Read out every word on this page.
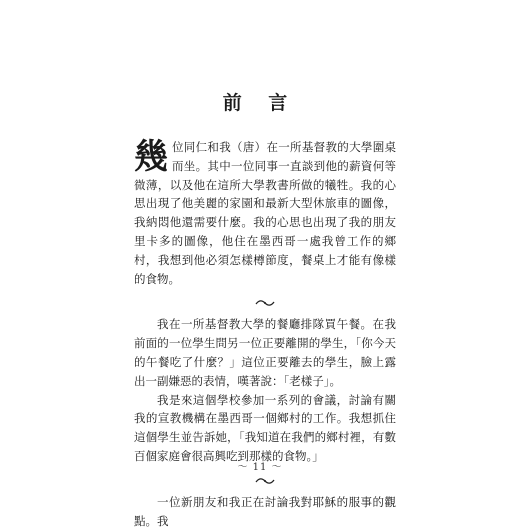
前 言

幾位同仁和我（唐）在一所基督教的大學圍桌而坐。其中一位同事一直談到他的薪資何等微薄，以及他在這所大學教書所做的犧牲。我的心思出現了他美麗的家園和最新大型休旅車的圖像，我納悶他還需要什麼。我的心思也出現了我的朋友里卡多的圖像，他住在墨西哥一處我曾工作的鄉村，我想到他必須怎樣樽節度，餐桌上才能有像樣的食物。

我在一所基督教大學的餐廳排隊買午餐。在我前面的一位學生問另一位正要離開的學生，「你今天的午餐吃了什麼？」這位正要離去的學生，臉上露出一副嫌惡的表情，嘆著說：「老樣子」。

我是來這個學校參加一系列的會議，討論有關我的宣教機構在墨西哥一個鄉村的工作。我想抓住這個學生並告訴她，「我知道在我們的鄉村裡，有數百個家庭會很高興吃到那樣的食物。」

一位新朋友和我正在討論我對耶穌的服事的觀點。我

～ 11 ～
